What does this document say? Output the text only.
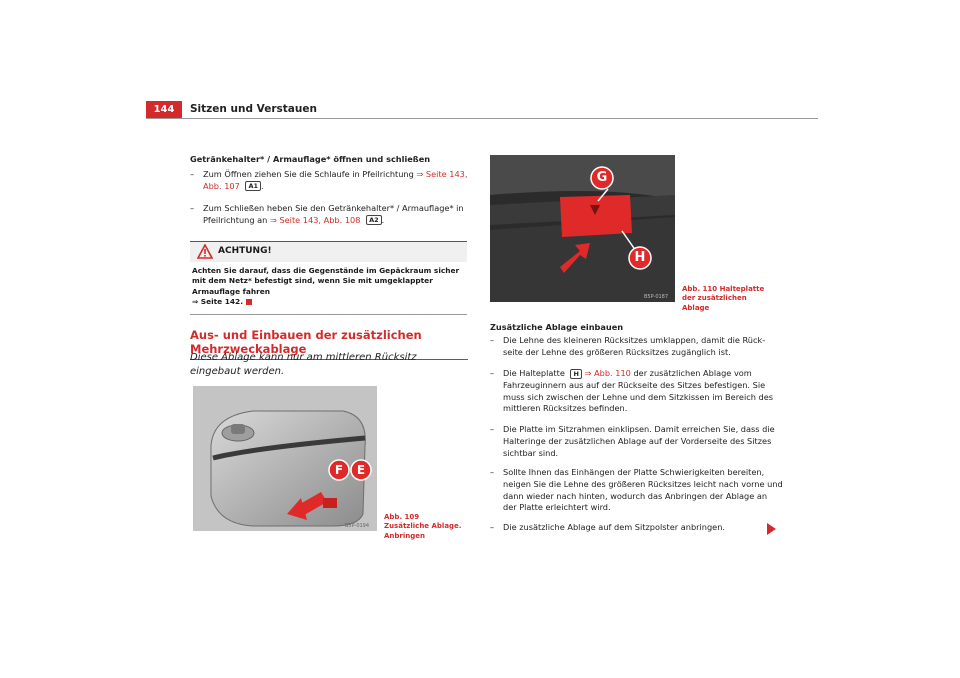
144	Sitzen und Verstauen
Getränkehalter* / Armauflage* öffnen und schließen
– Zum Öffnen ziehen Sie die Schlaufe in Pfeilrichtung ⇒ Seite 143, Abb. 107 A1 .
– Zum Schließen heben Sie den Getränkehalter* / Armauflage* in Pfeilrichtung an ⇒ Seite 143, Abb. 108 A2 .
ACHTUNG!
Achten Sie darauf, dass die Gegenstände im Gepäckraum sicher mit dem Netz* befestigt sind, wenn Sie mit umgeklappter Armauflage fahren
⇒ Seite 142.
Aus- und Einbauen der zusätzlichen Mehrzweckablage
Diese Ablage kann nur am mittleren Rücksitz eingebaut werden.
F E
B5P-0194
Abb. 109 Zusätzliche Ablage. Anbringen
G
H
B5P-0187
Abb. 110 Halteplatte der zusätzlichen Ablage
Zusätzliche Ablage einbauen
– Die Lehne des kleineren Rücksitzes umklappen, damit die Rück-seite der Lehne des größeren Rücksitzes zugänglich ist.
– Die Halteplatte H ⇒ Abb. 110 der zusätzlichen Ablage vom Fahrzeuginnern aus auf der Rückseite des Sitzes befestigen. Sie muss sich zwischen der Lehne und dem Sitzkissen im Bereich des mittleren Rücksitzes befinden.
– Die Platte im Sitzrahmen einklipsen. Damit erreichen Sie, dass die Halteringe der zusätzlichen Ablage auf der Vorderseite des Sitzes sichtbar sind.
– Sollte Ihnen das Einhängen der Platte Schwierigkeiten bereiten, neigen Sie die Lehne des größeren Rücksitzes leicht nach vorne und dann wieder nach hinten, wodurch das Anbringen der Ablage an der Platte erleichtert wird.
– Die zusätzliche Ablage auf dem Sitzpolster anbringen.
